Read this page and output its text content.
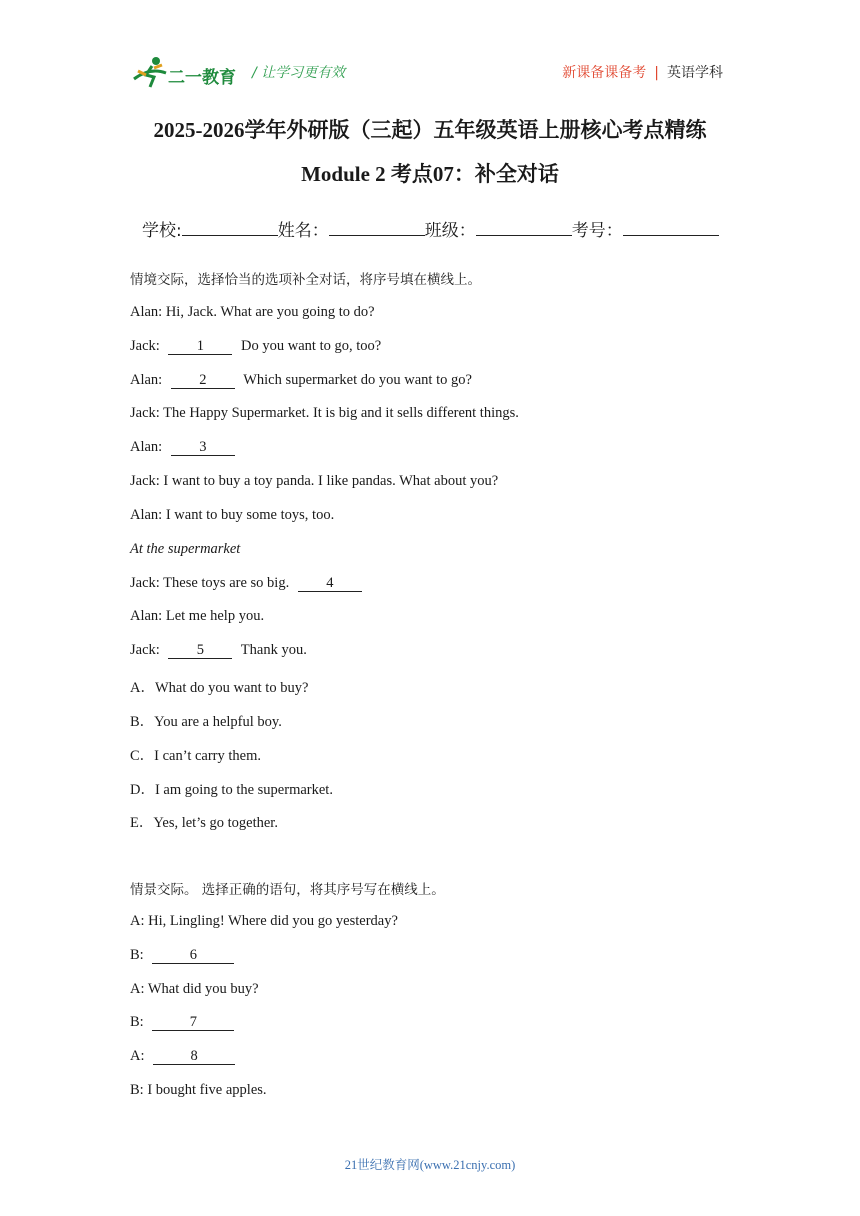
二一教育 / 让学习更有效	新课备课备考 | 英语学科
2025-2026学年外研版（三起）五年级英语上册核心考点精练
Module 2 考点07：补全对话
学校:	姓名：	班级：	考号：
情境交际，选择恰当的选项补全对话，将序号填在横线上。
Alan: Hi, Jack. What are you going to do?
Jack: 1 Do you want to go, too?
Alan: 2 Which supermarket do you want to go?
Jack: The Happy Supermarket. It is big and it sells different things.
Alan: 3
Jack: I want to buy a toy panda. I like pandas. What about you?
Alan: I want to buy some toys, too.
At the supermarket
Jack: These toys are so big. 4
Alan: Let me help you.
Jack: 5 Thank you.
A．What do you want to buy?
B．You are a helpful boy.
C．I can’t carry them.
D．I am going to the supermarket.
E．Yes, let’s go together.
情景交际。 选择正确的语句，将其序号写在横线上。
A: Hi, Lingling! Where did you go yesterday?
B:	6
A: What did you buy?
B:	7
A:	8
B: I bought five apples.
21世纪教育网(www.21cnjy.com)
